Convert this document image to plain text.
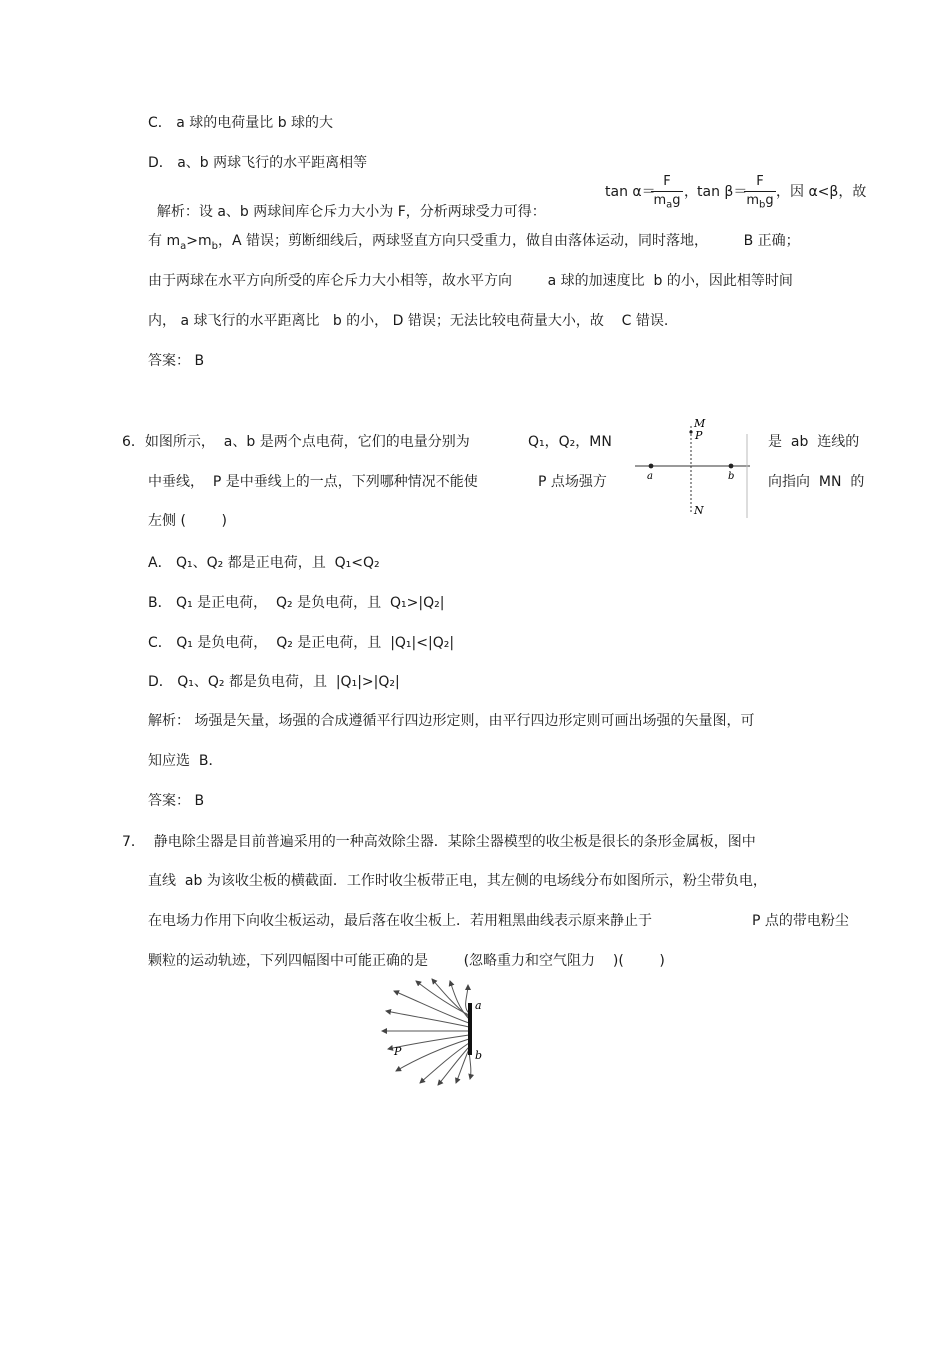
C． a 球的电荷量比 b 球的大
D． a、b 两球飞行的水平距离相等

解析：设 a、b 两球间库仑斥力大小为 F，分析两球受力可得：

tan α＝
F
$m_ag$
， tan β＝
F
$m_bg$
，因 α<β，故
有 $m_a>m_b$，A 错误；剪断细线后，两球竖直方向只受重力，做自由落体运动，同时落地，        B 正确；
由于两球在水平方向所受的库仑斥力大小相等，故水平方向        a 球的加速度比  b 的小，因此相等时间
内， a 球飞行的水平距离比   b 的小， D 错误；无法比较电荷量大小，故    C 错误.
答案： B
6．如图所示，  a、b 是两个点电荷，它们的电量分别为	Q₁，Q₂，MN	是  ab  连线的
中垂线，  P 是中垂线上的一点，下列哪种情况不能使	P 点场强方	向指向  MN  的
左侧 (        )
M
P
N
a	b
A． Q₁、Q₂ 都是正电荷，且  Q₁<Q₂
B． Q₁ 是正电荷，  Q₂ 是负电荷，且  Q₁>|Q₂|
C． Q₁ 是负电荷，  Q₂ 是正电荷，且  |Q₁|<|Q₂|
D． Q₁、Q₂ 都是负电荷，且  |Q₁|>|Q₂|
解析： 场强是矢量，场强的合成遵循平行四边形定则，由平行四边形定则可画出场强的矢量图，可
知应选  B．
答案： B
7．  静电除尘器是目前普遍采用的一种高效除尘器．某除尘器模型的收尘板是很长的条形金属板，图中
直线  ab 为该收尘板的横截面．工作时收尘板带正电，其左侧的电场线分布如图所示，粉尘带负电，
在电场力作用下向收尘板运动，最后落在收尘板上．若用粗黑曲线表示原来静止于	P 点的带电粉尘
颗粒的运动轨迹，下列四幅图中可能正确的是        (忽略重力和空气阻力    )(        )
a
b
P
